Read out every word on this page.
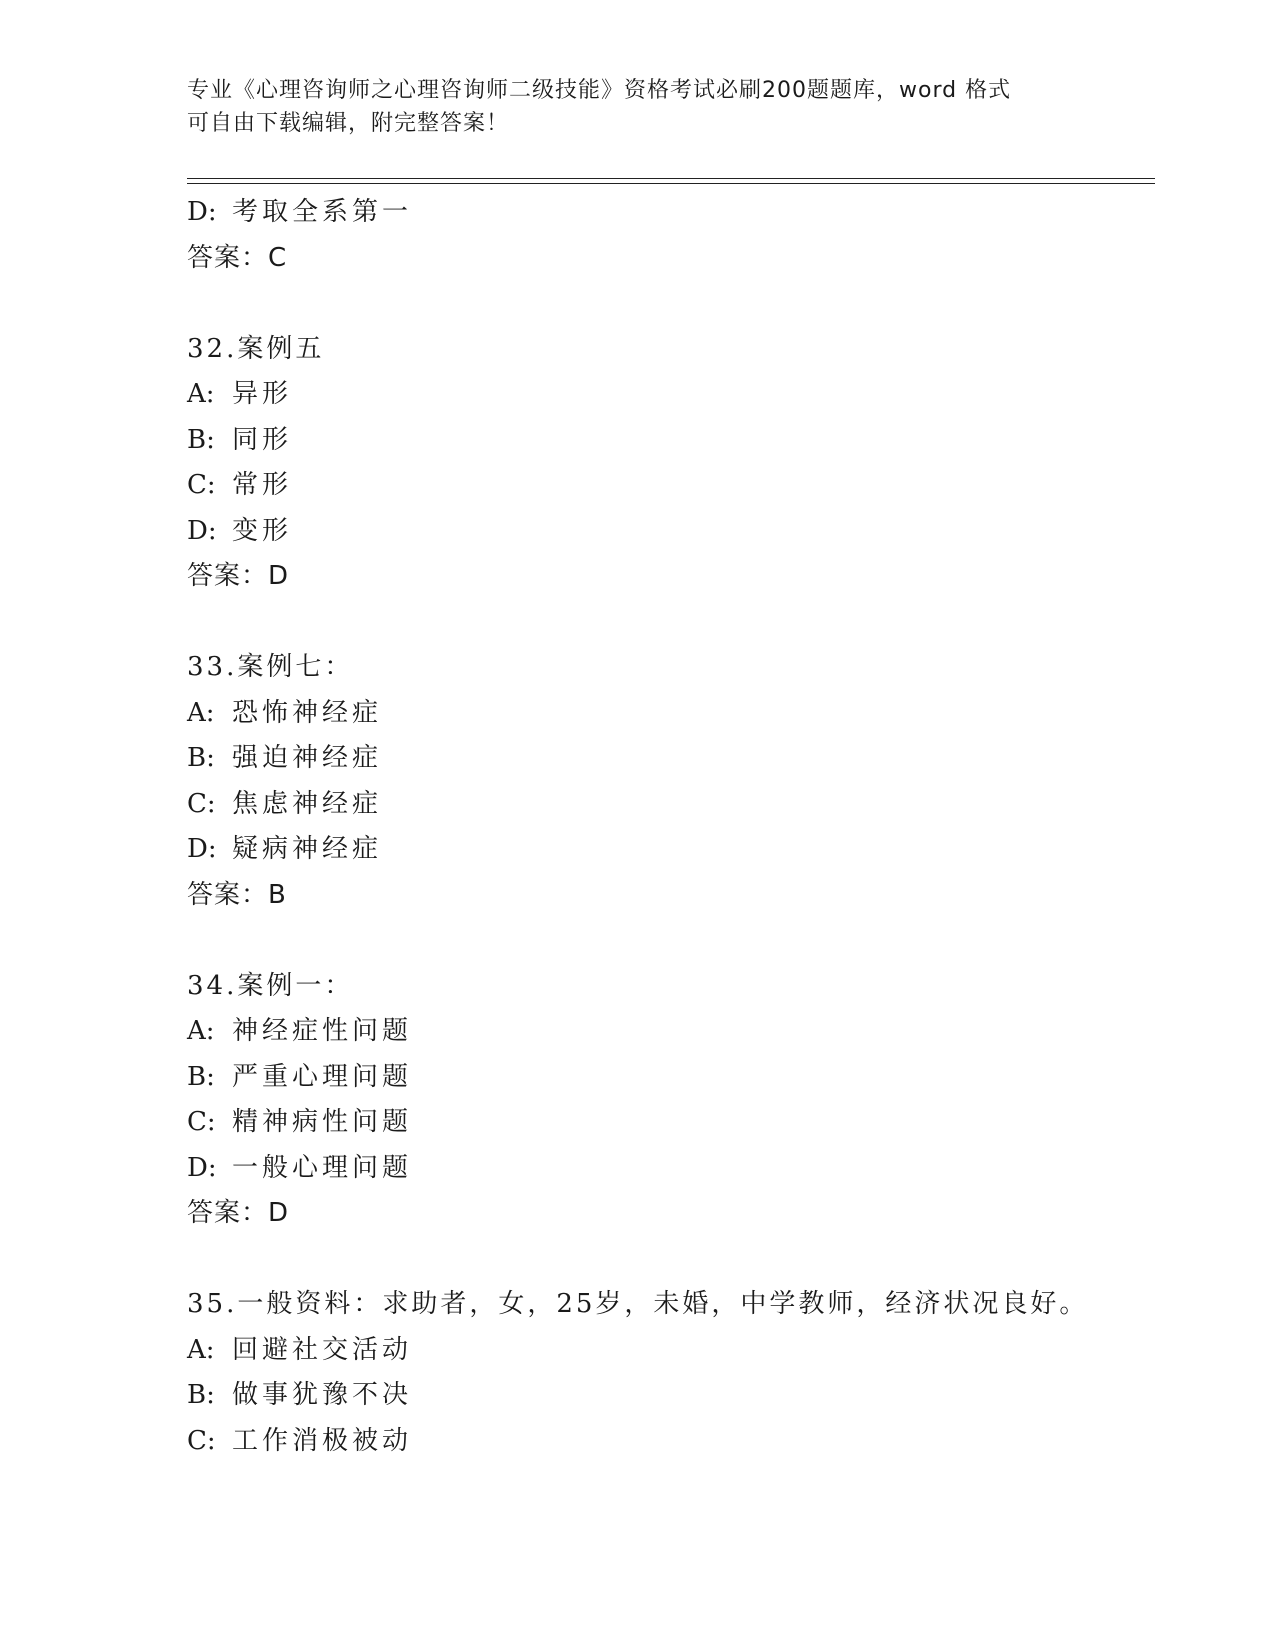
专业《心理咨询师之心理咨询师二级技能》资格考试必刷200题题库，word 格式
可自由下载编辑，附完整答案！
D: 考取全系第一
答案：C
32.案例五
A: 异形
B: 同形
C: 常形
D: 变形
答案：D
33.案例七：
A: 恐怖神经症
B: 强迫神经症
C: 焦虑神经症
D: 疑病神经症
答案：B
34.案例一：
A: 神经症性问题
B: 严重心理问题
C: 精神病性问题
D: 一般心理问题
答案：D
35.一般资料：求助者，女，25岁，未婚，中学教师，经济状况良好。
A: 回避社交活动
B: 做事犹豫不决
C: 工作消极被动
